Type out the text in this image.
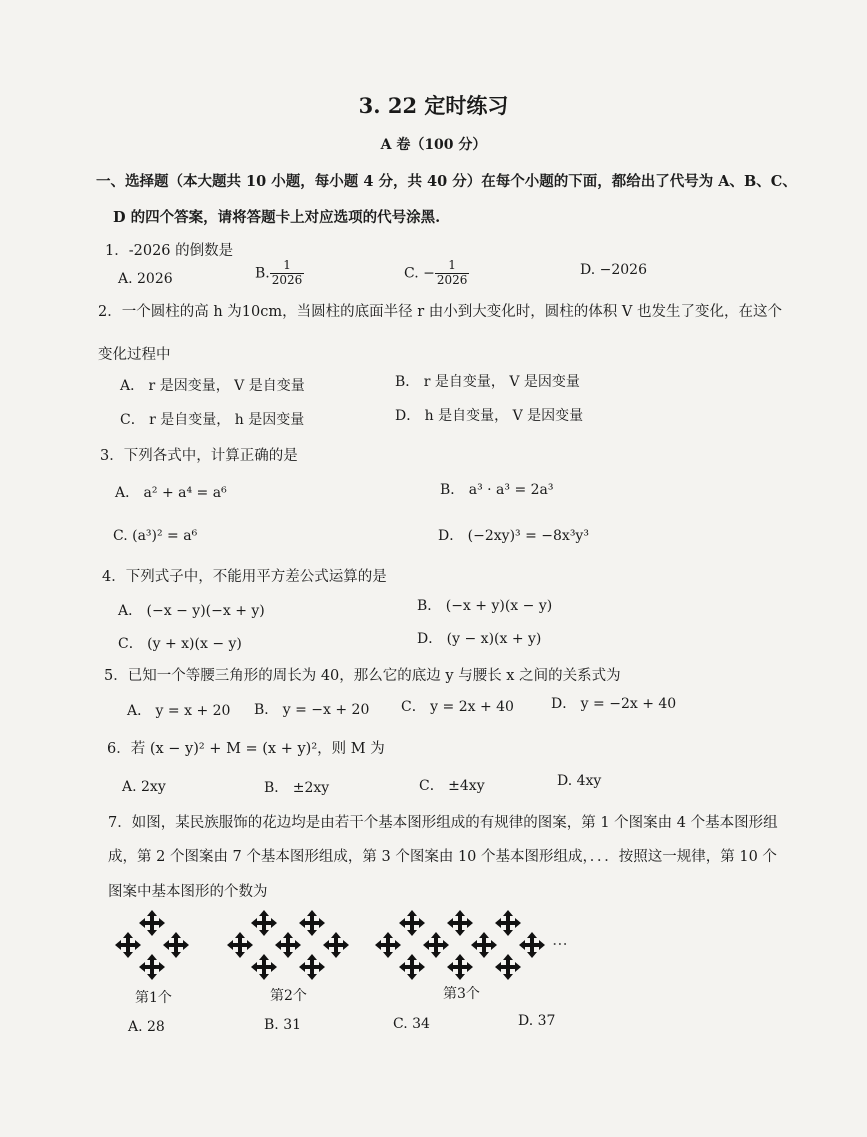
3. 22 定时练习
A 卷（100 分）
一、选择题（本大题共 10 小题，每小题 4 分，共 40 分）在每个小题的下面，都给出了代号为 A、B、C、
D 的四个答案，请将答题卡上对应选项的代号涂黑.
1．-2026 的倒数是
A. 2026	B. $\frac{1}{2026}$	C. − $\frac{1}{2026}$	D. −2026
2．一个圆柱的高 h 为10cm，当圆柱的底面半径 r 由小到大变化时，圆柱的体积 V 也发生了变化，在这个
变化过程中
A． r 是因变量， V 是自变量	B． r 是自变量， V 是因变量
C． r 是自变量， h 是因变量	D． h 是自变量， V 是因变量
3．下列各式中，计算正确的是
A． a² + a⁴ = a⁶	B． a³ · a³ = 2a³
C. (a³)² = a⁶	D． (−2xy)³ = −8x³y³
4．下列式子中，不能用平方差公式运算的是
A． (−x − y)(−x + y)	B． (−x + y)(x − y)
C． (y + x)(x − y)	D． (y − x)(x + y)
5．已知一个等腰三角形的周长为 40，那么它的底边 y 与腰长 x 之间的关系式为
A． y = x + 20 B． y = −x + 20 C． y = 2x + 40	D． y = −2x + 40
6．若 (x − y)² + M = (x + y)²，则 M 为
A. 2xy	B． ±2xy	C． ±4xy	D. 4xy
7．如图，某民族服饰的花边均是由若干个基本图形组成的有规律的图案，第 1 个图案由 4 个基本图形组
成，第 2 个图案由 7 个基本图形组成，第 3 个图案由 10 个基本图形组成，．．．按照这一规律，第 10 个
图案中基本图形的个数为
⋯
第1个	第2个	第3个
A. 28	B. 31	C. 34	D. 37
